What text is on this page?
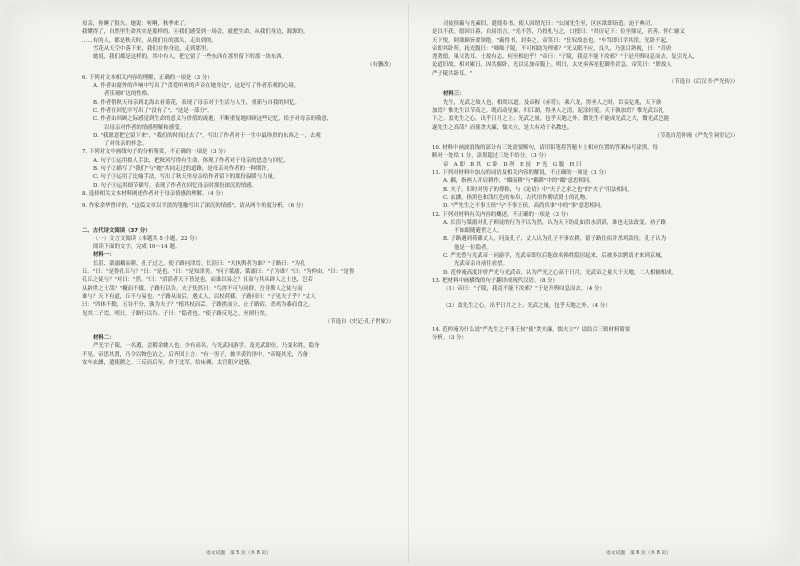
母亲，你睡了很久。她说：听啊，秋季来了。
我懂得了，自然里生命其实是那样的。⑥我们感受到一场会，就把生命，从我们身边，源源的。
……有的人，都是秋天时，从我们在的那头，走出到的。
雪花从天空中落下来，我们在你身边，走到那里。
她说，我们都是这样的，其中有人，把它留了一些东西在那里留下的那一块东西。
（有删改）
6. 下列对文本相关内容的理解，正确的一项是（3 分）
A. 作者由窗外的声响中写出了"喜爱听听的声音在她身边"，这是写了作者乐观的心境。
者乐观旷达的性格。
B. 作者借秋天母亲到北海去看菊花，表现了母亲对于生活与人生，重新与自我的回忆。
C. 作者在回忆中写出了"没有了"，"这是一部分"。
C. 作者由回顾之际感觉到生命的意义与价值的流逝，不断重复地回顾这些记忆，给予对母亲的敬意，
以母亲对作者的情感理解和感受。
D. "我愿意把它留下来"，"我们的时间过去了"，写出了作者对于一生中最珍贵的东西之一，去观
了对母亲的怀念。
7. 下列对文中画线句子的分析鉴赏，不正确的一项是（3 分）
A. 句子①运用拟人手法，把秋风写得有生命，体现了作者对于母亲的思念与回忆。
B. 句子②描写了"我们"与"她"共同走过的道路，是母亲对作者的一种期许。
C. 句子③运用了比喻手法，写出了秋天里母亲给作者留下的那份温暖与力量。
D. 句子④运用细节描写，表现了作者在回忆母亲时那份深沉的情感。
8. 选择相关文本材料阐述作者对于母亲情感的理解。（4 分）
9. 作家余华曾评价，"这篇文章以平淡的笔触写出了深沉的情感"，请从两个角度分析。（6 分）
二、古代诗文阅读（37 分）
（一）文言文阅读（本题共 5 小题，22 分）
阅读下面的文字，完成 10～14 题。
材料一：
长沮、桀溺耦而耕，孔子过之，使子路问津焉。长沮曰："夫执舆者为谁？"子路曰："为孔
丘。"曰："是鲁孔丘与？"曰："是也。"曰："是知津矣。"问于桀溺，桀溺曰："子为谁？"曰："为仲由。"曰："是鲁
孔丘之徒与？"对曰："然。"曰："滔滔者天下皆是也，而谁以易之？且而与其从辟人之士也，岂若
从辟世之士哉？"耰而不辍。子路行以告。夫子怃然曰："鸟兽不可与同群，吾非斯人之徒与而
谁与？天下有道，丘不与易也。"子路从而后，遇丈人，以杖荷蓧。子路问曰："子见夫子乎？"丈人
曰："四体不勤，五谷不分，孰为夫子？"植其杖而芸。子路拱而立。止子路宿，杀鸡为黍而食之，
见其二子焉。明日，子路行以告。子曰："隐者也。"使子路反见之。至则行矣。
（节选自《史记·孔子世家》）
材料二：
严光字子陵，一名遵，会稽余姚人也。少有高名，与光武同游学。及光武即位，乃变名姓，隐身
不见。帝思其贤，乃令以物色访之。后齐国上言："有一男子，披羊裘钓泽中。"帝疑其光，乃备
安车玄纁，遣使聘之。三反而后至。舍于北军。给床褥，太官朝夕进膳。
司徒侯霸与光素旧，遣使奉书。使人因谓光曰："公闻先生至，区区欲即诣造。迫于典司，
是以不获。愿因日暮，自屈语言。"光不答，乃投札与之，口授曰："君房足下：位至鼎足，甚善。怀仁辅义
天下悦，阿谀顺旨要领绝。"霸得书，封奏之。帝笑曰："狂奴故态也。"车驾即日幸其馆。光卧不起，
帝即其卧所，抚光腹曰："咄咄子陵，不可相助为理邪？"光又眠不应，良久，乃张目熟视，曰："昔唐
尧著德，巢父洗耳。士故有志，何至相迫乎！"帝曰："子陵，我竟不能下汝邪？"于是升舆叹息而去。复引光入，
论道旧故，相对累日。因共偃卧，光以足加帝腹上。明日，太史奏客星犯御坐甚急。帝笑曰："朕故人
严子陵共卧耳。"
（节选自《后汉书·严光传》）
材料三：
先生，光武之故人也，相尚以道。及帝握《赤符》，乘六龙，得圣人之时，臣妾亿兆，天下孰
加焉？惟先生以节高之。既而动星象，归江湖，得圣人之清，泥涂轩冕，天下孰加焉？惟光武以礼
下之。盖先生之心，出乎日月之上；光武之量，包乎天地之外。微先生不能成光武之大，微光武岂能
遂先生之高哉？而使贪夫廉，懦夫立，是大有功于名教也。
（节选自范仲淹《严先生祠堂记》）
10. 材料中画波浪线的部分有三处需要断句，请用铅笔将答题卡上相应位置的答案标号涂黑，每
断对一处给 1 分，涂黑超过三处不给分。（3 分）
帝　A 即　B 其　C 卧　D 所　E 抚　F 光　G 腹　H 曰
11. 下列对材料中加点的词语及相关内容的解说，不正确的一项是（3 分）
A. 耦，指两人并肩耕作，"耦而耕"与"耦耕"中的"耦"意思相同。
B. 夫子，旧时对男子的尊称，与《论语》中"夫子之求之也"的"夫子"用法相同。
C. 玄纁，指黑色和浅红色的布帛，古代用作聘请贤士的礼物。
D. "严先生之不事王侯"与"不事王侯，高尚其事"中的"事"意思相同。
12. 下列对材料有关内容的概述，不正确的一项是（3 分）
A. 长沮与桀溺对孔子师徒的行为不以为然，认为天下纷乱如洪水滔滔，谁也无法改变，劝子路
不如跟随避世之人。
B. 子路遇到荷蓧丈人，问及孔子，丈人认为孔子不事农耕，留子路住宿并杀鸡款待，孔子认为
他是一位隐者。
C. 严光曾与光武帝一同游学，光武帝即位后他改名换姓隐居起来，后被多次聘请才来到京城，
光武帝亲自前往看望。
D. 范仲淹高度评价严光与光武帝，认为严光之心高于日月，光武帝之量大于天地，二人相辅相成。
13. 把材料中画横线的句子翻译成现代汉语。（8 分）
（1）帝曰："子陵，我竟不能下汝邪？"于是升舆叹息而去。（4 分）
（2）盖先生之心，出乎日月之上；光武之量，包乎天地之外。（4 分）
14. 范仲淹为什么说"严先生之不事王侯"使"贪夫廉，懦夫立"？请结合三则材料简要
分析。（3 分）
语文试题　第 5 页（共 8 页）	语文试题　第 6 页（共 8 页）
